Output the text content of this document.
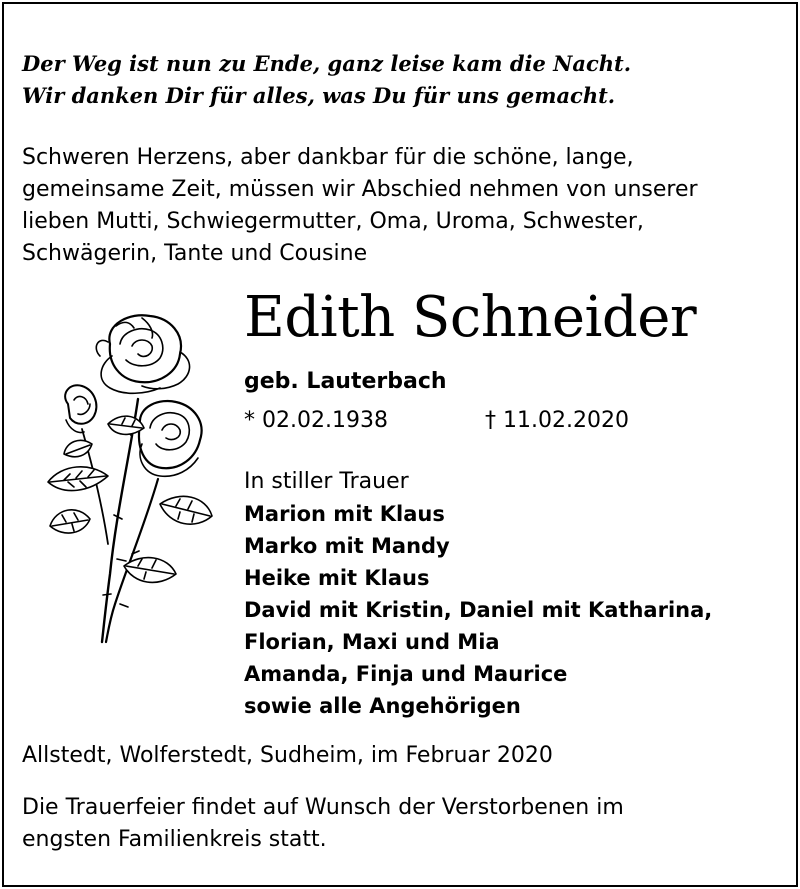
Der Weg ist nun zu Ende, ganz leise kam die Nacht.
Wir danken Dir für alles, was Du für uns gemacht.
Schweren Herzens, aber dankbar für die schöne, lange,
gemeinsame Zeit, müssen wir Abschied nehmen von unserer
lieben Mutti, Schwiegermutter, Oma, Uroma, Schwester,
Schwägerin, Tante und Cousine
Edith Schneider
geb. Lauterbach
* 02.02.1938	† 11.02.2020
In stiller Trauer
Marion mit Klaus
Marko mit Mandy
Heike mit Klaus
David mit Kristin, Daniel mit Katharina,
Florian, Maxi und Mia
Amanda, Finja und Maurice
sowie alle Angehörigen
Allstedt, Wolferstedt, Sudheim, im Februar 2020
Die Trauerfeier findet auf Wunsch der Verstorbenen im
engsten Familienkreis statt.
